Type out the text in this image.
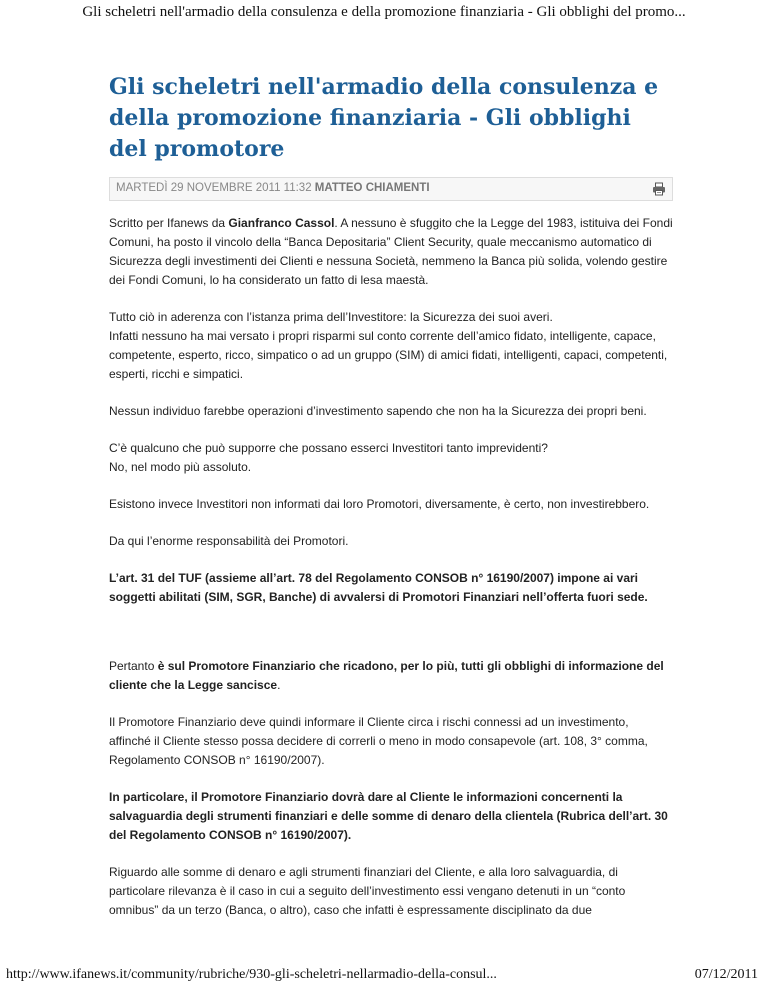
Gli scheletri nell'armadio della consulenza e della promozione finanziaria - Gli obblighi del promo...
Gli scheletri nell'armadio della consulenza e della promozione finanziaria - Gli obblighi del promotore
MARTEDÌ 29 NOVEMBRE 2011 11:32 MATTEO CHIAMENTI

Scritto per Ifanews da Gianfranco Cassol. A nessuno è sfuggito che la Legge del 1983, istituiva dei Fondi Comuni, ha posto il vincolo della “Banca Depositaria” Client Security, quale meccanismo automatico di Sicurezza degli investimenti dei Clienti e nessuna Società, nemmeno la Banca più solida, volendo gestire dei Fondi Comuni, lo ha considerato un fatto di lesa maestà.

Tutto ciò in aderenza con l’istanza prima dell’Investitore: la Sicurezza dei suoi averi.
Infatti nessuno ha mai versato i propri risparmi sul conto corrente dell’amico fidato, intelligente, capace, competente, esperto, ricco, simpatico o ad un gruppo (SIM) di amici fidati, intelligenti, capaci, competenti, esperti, ricchi e simpatici.

Nessun individuo farebbe operazioni d’investimento sapendo che non ha la Sicurezza dei propri beni.

C’è qualcuno che può supporre che possano esserci Investitori tanto imprevidenti?
No, nel modo più assoluto.

Esistono invece Investitori non informati dai loro Promotori, diversamente, è certo, non investirebbero.

Da qui l’enorme responsabilità dei Promotori.

L’art. 31 del TUF (assieme all’art. 78 del Regolamento CONSOB n° 16190/2007) impone ai vari soggetti abilitati (SIM, SGR, Banche) di avvalersi di Promotori Finanziari nell’offerta fuori sede.

Pertanto è sul Promotore Finanziario che ricadono, per lo più, tutti gli obblighi di informazione del cliente che la Legge sancisce.

Il Promotore Finanziario deve quindi informare il Cliente circa i rischi connessi ad un investimento, affinché il Cliente stesso possa decidere di correrli o meno in modo consapevole (art. 108, 3° comma, Regolamento CONSOB n° 16190/2007).

In particolare, il Promotore Finanziario dovrà dare al Cliente le informazioni concernenti la salvaguardia degli strumenti finanziari e delle somme di denaro della clientela (Rubrica dell’art. 30 del Regolamento CONSOB n° 16190/2007).

Riguardo alle somme di denaro e agli strumenti finanziari del Cliente, e alla loro salvaguardia, di particolare rilevanza è il caso in cui a seguito dell’investimento essi vengano detenuti in un “conto omnibus” da un terzo (Banca, o altro), caso che infatti è espressamente disciplinato da due

http://www.ifanews.it/community/rubriche/930-gli-scheletri-nellarmadio-della-consul...	07/12/2011
